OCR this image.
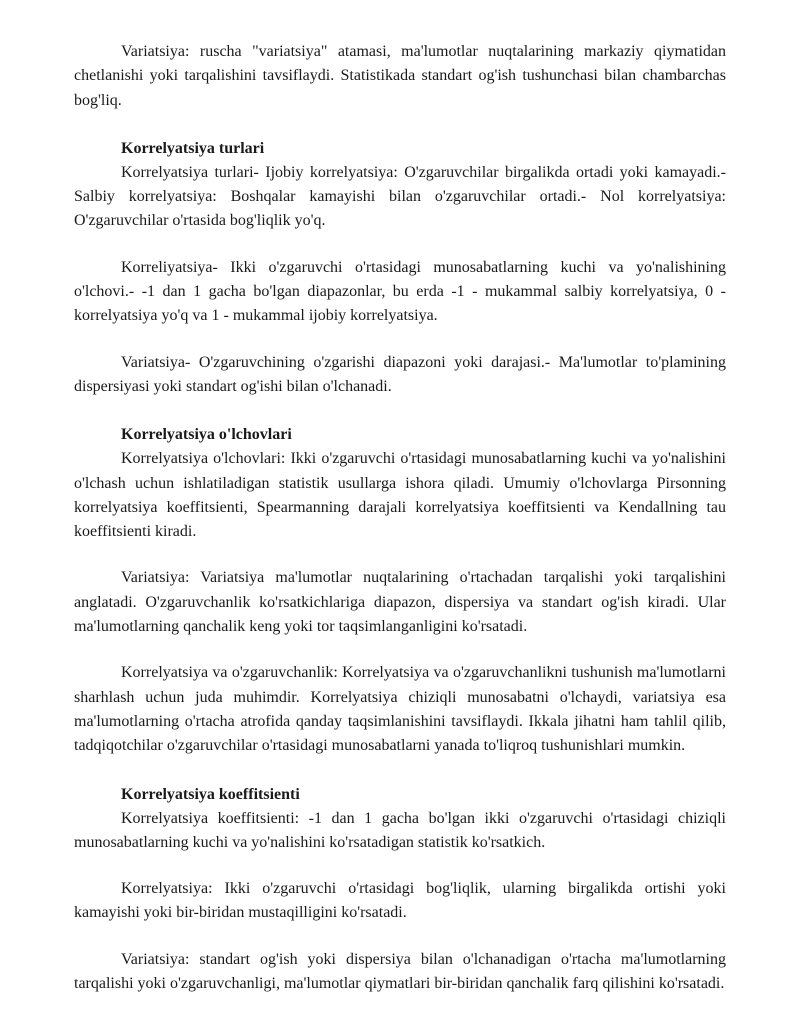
Variatsiya: ruscha "variatsiya" atamasi, ma'lumotlar nuqtalarining markaziy qiymatidan chetlanishi yoki tarqalishini tavsiflaydi. Statistikada standart og'ish tushunchasi bilan chambarchas bog'liq.

Korrelyatsiya turlari

Korrelyatsiya turlari- Ijobiy korrelyatsiya: O'zgaruvchilar birgalikda ortadi yoki kamayadi.- Salbiy korrelyatsiya: Boshqalar kamayishi bilan o'zgaruvchilar ortadi.- Nol korrelyatsiya: O'zgaruvchilar o'rtasida bog'liqlik yo'q.

Korreliyatsiya- Ikki o'zgaruvchi o'rtasidagi munosabatlarning kuchi va yo'nalishining o'lchovi.- -1 dan 1 gacha bo'lgan diapazonlar, bu erda -1 - mukammal salbiy korrelyatsiya, 0 - korrelyatsiya yo'q va 1 - mukammal ijobiy korrelyatsiya.

Variatsiya- O'zgaruvchining o'zgarishi diapazoni yoki darajasi.- Ma'lumotlar to'plamining dispersiyasi yoki standart og'ishi bilan o'lchanadi.

Korrelyatsiya o'lchovlari

Korrelyatsiya o'lchovlari: Ikki o'zgaruvchi o'rtasidagi munosabatlarning kuchi va yo'nalishini o'lchash uchun ishlatiladigan statistik usullarga ishora qiladi. Umumiy o'lchovlarga Pirsonning korrelyatsiya koeffitsienti, Spearmanning darajali korrelyatsiya koeffitsienti va Kendallning tau koeffitsienti kiradi.

Variatsiya: Variatsiya ma'lumotlar nuqtalarining o'rtachadan tarqalishi yoki tarqalishini anglatadi. O'zgaruvchanlik ko'rsatkichlariga diapazon, dispersiya va standart og'ish kiradi. Ular ma'lumotlarning qanchalik keng yoki tor taqsimlanganligini ko'rsatadi.

Korrelyatsiya va o'zgaruvchanlik: Korrelyatsiya va o'zgaruvchanlikni tushunish ma'lumotlarni sharhlash uchun juda muhimdir. Korrelyatsiya chiziqli munosabatni o'lchaydi, variatsiya esa ma'lumotlarning o'rtacha atrofida qanday taqsimlanishini tavsiflaydi. Ikkala jihatni ham tahlil qilib, tadqiqotchilar o'zgaruvchilar o'rtasidagi munosabatlarni yanada to'liqroq tushunishlari mumkin.

Korrelyatsiya koeffitsienti

Korrelyatsiya koeffitsienti: -1 dan 1 gacha bo'lgan ikki o'zgaruvchi o'rtasidagi chiziqli munosabatlarning kuchi va yo'nalishini ko'rsatadigan statistik ko'rsatkich.

Korrelyatsiya: Ikki o'zgaruvchi o'rtasidagi bog'liqlik, ularning birgalikda ortishi yoki kamayishi yoki bir-biridan mustaqilligini ko'rsatadi.

Variatsiya: standart og'ish yoki dispersiya bilan o'lchanadigan o'rtacha ma'lumotlarning tarqalishi yoki o'zgaruvchanligi, ma'lumotlar qiymatlari bir-biridan qanchalik farq qilishini ko'rsatadi.
